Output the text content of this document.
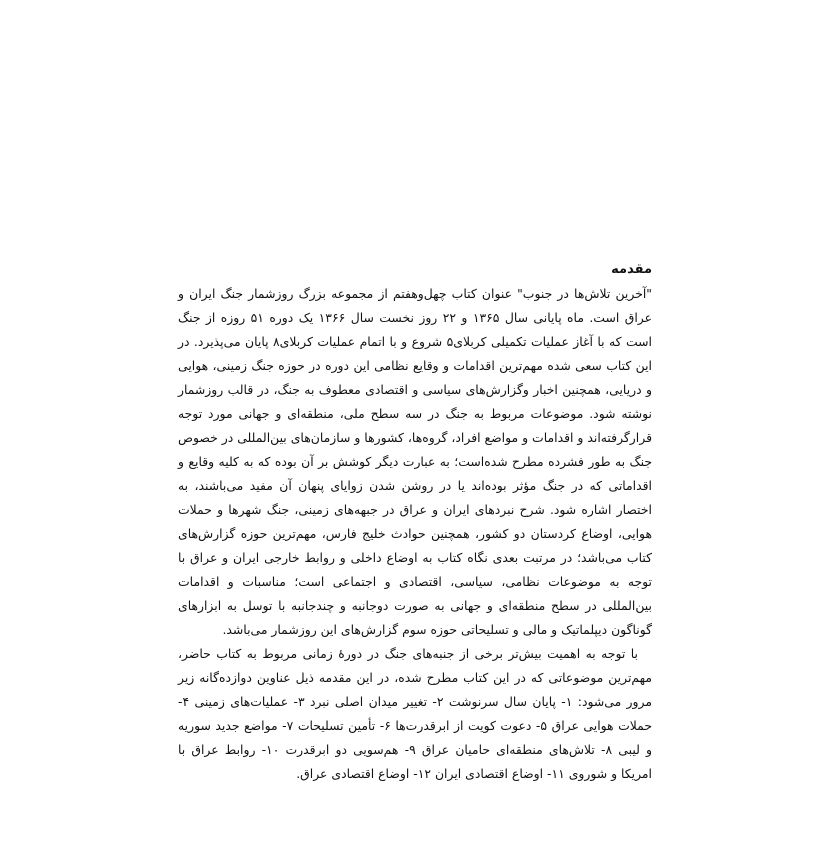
مقدمه

"آخرین تلاش‌ها در جنوب" عنوان کتاب چهل‌وهفتم از مجموعه بزرگ روزشمار جنگ ایران و عراق است. ماه پایانی سال ۱۳۶۵ و ۲۲ روز نخست سال ۱۳۶۶ یک دوره ۵۱ روزه از جنگ است که با آغاز عملیات تکمیلی کربلای۵ شروع و با اتمام عملیات کربلای۸ پایان می‌پذیرد. در این کتاب سعی شده مهم‌ترین اقدامات و وقایع نظامی این دوره در حوزه جنگ زمینی، هوایی و دریایی، همچنین اخبار وگزارش‌های سیاسی و اقتصادی معطوف به جنگ، در قالب روزشمار نوشته شود. موضوعات مربوط به جنگ در سه سطح ملی، منطقه‌ای و جهانی مورد توجه قرارگرفته‌اند و اقدامات و مواضع افراد، گروه‌ها، کشورها و سازمان‌های بین‌المللی در خصوص جنگ به طور فشرده مطرح شده‌است؛ به عبارت دیگر کوشش بر آن بوده که به کلیه وقایع و اقداماتی که در جنگ مؤثر بوده‌اند یا در روشن شدن زوایای پنهان آن مفید می‌باشند، به اختصار اشاره شود. شرح نبردهای ایران و عراق در جبهه‌های زمینی، جنگ شهرها و حملات هوایی، اوضاع کردستان دو کشور، همچنین حوادث خلیج فارس، مهم‌ترین حوزه گزارش‌های کتاب می‌باشد؛ در مرتبت بعدی نگاه کتاب به اوضاع داخلی و روابط خارجی ایران و عراق با توجه به موضوعات نظامی، سیاسی، اقتصادی و اجتماعی است؛ مناسبات و اقدامات بین‌المللی در سطح منطقه‌ای و جهانی به صورت دوجانبه و چندجانبه با توسل به ابزارهای گوناگون دیپلماتیک و مالی و تسلیحاتی حوزه سوم گزارش‌های این روزشمار می‌باشد.

با توجه به اهمیت بیش‌تر برخی از جنبه‌های جنگ در دورهٔ زمانی مربوط به کتاب حاضر، مهم‌ترین موضوعاتی که در این کتاب مطرح شده، در این مقدمه ذیل عناوین دوازده‌گانه زیر مرور می‌شود: ۱- پایان سال سرنوشت ۲- تغییر میدان اصلی نبرد ۳- عملیات‌های زمینی ۴- حملات هوایی عراق ۵- دعوت کویت از ابرقدرت‌ها ۶- تأمین تسلیحات ۷- مواضع جدید سوریه و لیبی ۸- تلاش‌های منطقه‌ای حامیان عراق ۹- هم‌سویی دو ابرقدرت ۱۰- روابط عراق با امریکا و شوروی ۱۱- اوضاع اقتصادی ایران ۱۲- اوضاع اقتصادی عراق.
